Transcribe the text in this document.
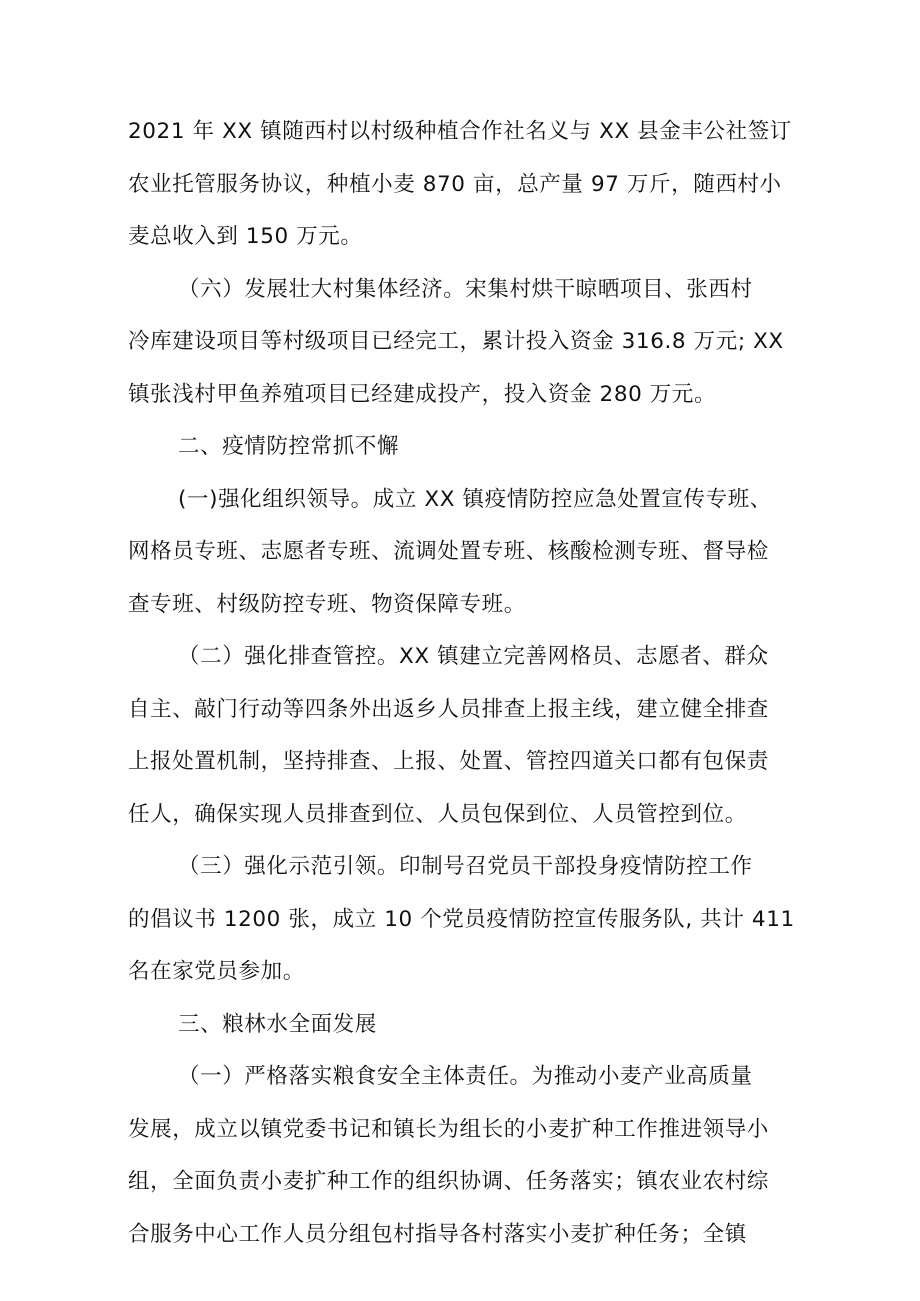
2021 年 XX 镇随西村以村级种植合作社名义与 XX 县金丰公社签订
农业托管服务协议，种植小麦 870 亩，总产量 97 万斤，随西村小
麦总收入到 150 万元。
（六）发展壮大村集体经济。宋集村烘干晾晒项目、张西村
冷库建设项目等村级项目已经完工，累计投入资金 316.8 万元; XX
镇张浅村甲鱼养殖项目已经建成投产，投入资金 280 万元。
二、疫情防控常抓不懈
(一)强化组织领导。成立 XX 镇疫情防控应急处置宣传专班、
网格员专班、志愿者专班、流调处置专班、核酸检测专班、督导检
查专班、村级防控专班、物资保障专班。
（二）强化排查管控。XX 镇建立完善网格员、志愿者、群众
自主、敲门行动等四条外出返乡人员排查上报主线，建立健全排查
上报处置机制，坚持排查、上报、处置、管控四道关口都有包保责
任人，确保实现人员排查到位、人员包保到位、人员管控到位。
（三）强化示范引领。印制号召党员干部投身疫情防控工作
的倡议书 1200 张，成立 10 个党员疫情防控宣传服务队, 共计 411
名在家党员参加。
三、粮林水全面发展
（一）严格落实粮食安全主体责任。为推动小麦产业高质量
发展，成立以镇党委书记和镇长为组长的小麦扩种工作推进领导小
组，全面负责小麦扩种工作的组织协调、任务落实；镇农业农村综
合服务中心工作人员分组包村指导各村落实小麦扩种任务；全镇
